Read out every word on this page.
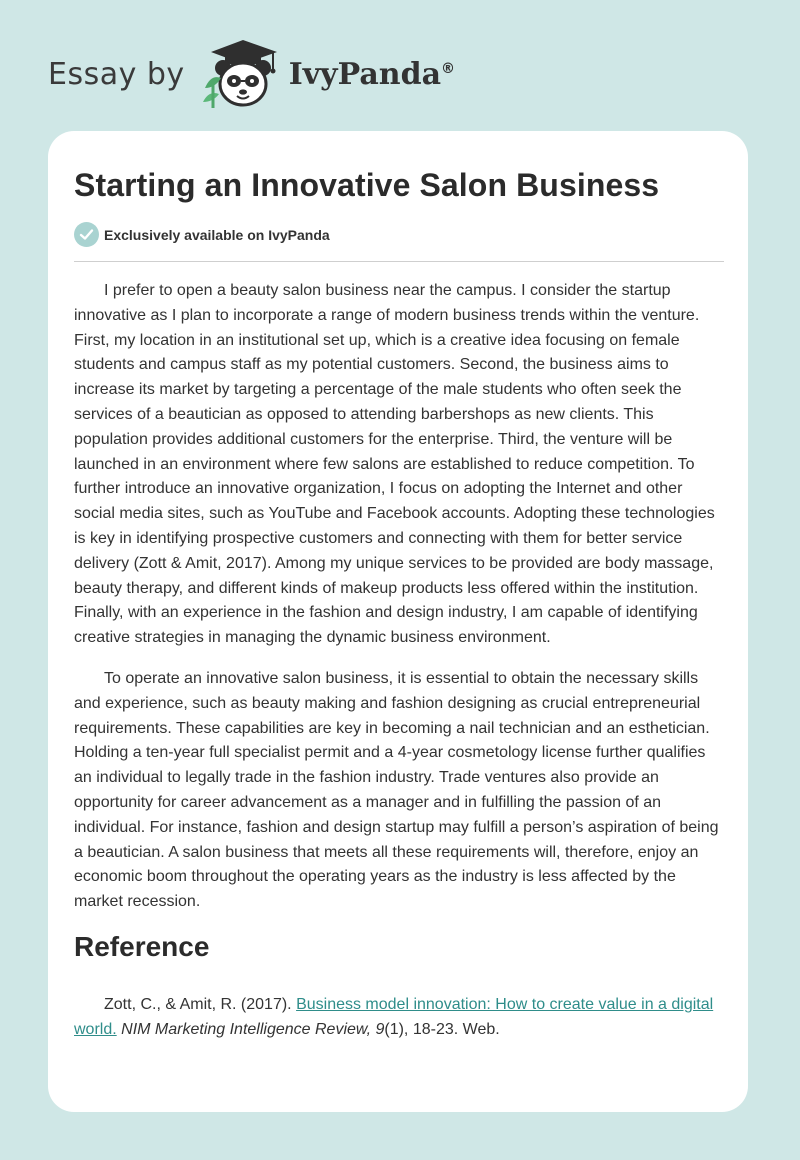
Essay by	IvyPanda®
Starting an Innovative Salon Business
Exclusively available on IvyPanda

I prefer to open a beauty salon business near the campus. I consider the startup innovative as I plan to incorporate a range of modern business trends within the venture. First, my location in an institutional set up, which is a creative idea focusing on female students and campus staff as my potential customers. Second, the business aims to increase its market by targeting a percentage of the male students who often seek the services of a beautician as opposed to attending barbershops as new clients. This population provides additional customers for the enterprise. Third, the venture will be launched in an environment where few salons are established to reduce competition. To further introduce an innovative organization, I focus on adopting the Internet and other social media sites, such as YouTube and Facebook accounts. Adopting these technologies is key in identifying prospective customers and connecting with them for better service delivery (Zott & Amit, 2017). Among my unique services to be provided are body massage, beauty therapy, and different kinds of makeup products less offered within the institution. Finally, with an experience in the fashion and design industry, I am capable of identifying creative strategies in managing the dynamic business environment.

To operate an innovative salon business, it is essential to obtain the necessary skills and experience, such as beauty making and fashion designing as crucial entrepreneurial requirements. These capabilities are key in becoming a nail technician and an esthetician. Holding a ten-year full specialist permit and a 4-year cosmetology license further qualifies an individual to legally trade in the fashion industry. Trade ventures also provide an opportunity for career advancement as a manager and in fulfilling the passion of an individual. For instance, fashion and design startup may fulfill a person’s aspiration of being a beautician. A salon business that meets all these requirements will, therefore, enjoy an economic boom throughout the operating years as the industry is less affected by the market recession.

Reference

Zott, C., & Amit, R. (2017). Business model innovation: How to create value in a digital world. NIM Marketing Intelligence Review, 9(1), 18-23. Web.
